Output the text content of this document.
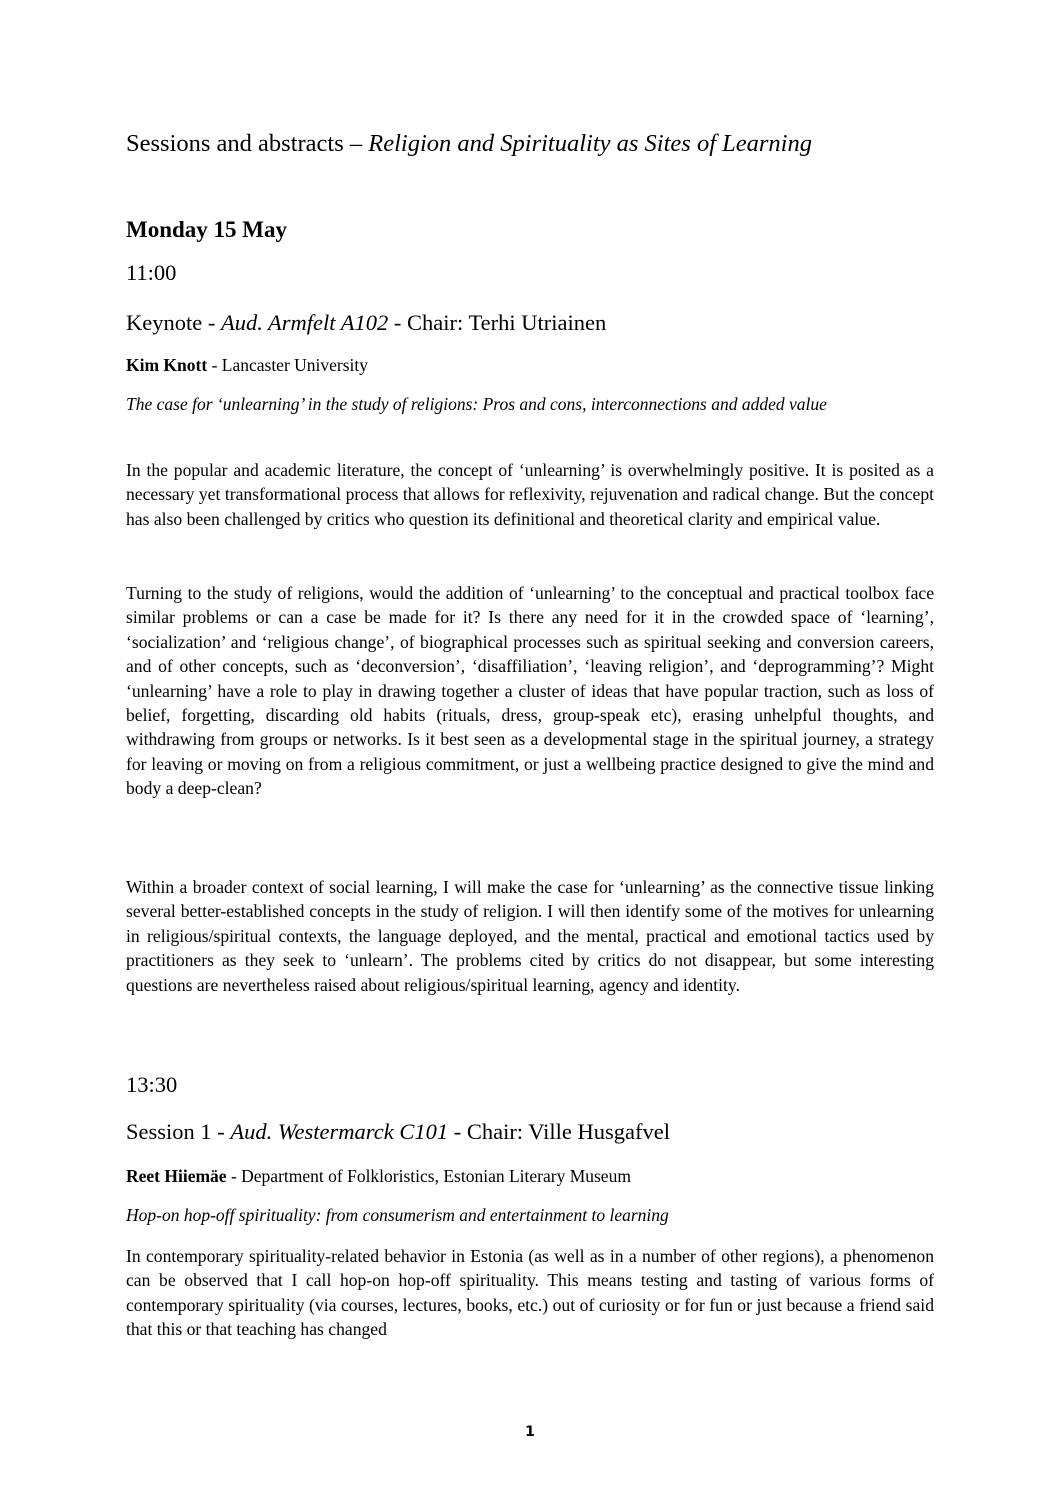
Sessions and abstracts – Religion and Spirituality as Sites of Learning
Monday 15 May

11:00

Keynote - Aud. Armfelt A102 - Chair: Terhi Utriainen

Kim Knott - Lancaster University

The case for ‘unlearning’ in the study of religions: Pros and cons, interconnections and added value

In the popular and academic literature, the concept of ‘unlearning’ is overwhelmingly positive. It is posited as a necessary yet transformational process that allows for reflexivity, rejuvenation and radical change. But the concept has also been challenged by critics who question its definitional and theoretical clarity and empirical value.

Turning to the study of religions, would the addition of ‘unlearning’ to the conceptual and practical toolbox face similar problems or can a case be made for it? Is there any need for it in the crowded space of ‘learning’, ‘socialization’ and ‘religious change’, of biographical processes such as spiritual seeking and conversion careers, and of other concepts, such as ‘deconversion’, ‘disaffiliation’, ‘leaving religion’, and ‘deprogramming’? Might ‘unlearning’ have a role to play in drawing together a cluster of ideas that have popular traction, such as loss of belief, forgetting, discarding old habits (rituals, dress, group-speak etc), erasing unhelpful thoughts, and withdrawing from groups or networks. Is it best seen as a developmental stage in the spiritual journey, a strategy for leaving or moving on from a religious commitment, or just a wellbeing practice designed to give the mind and body a deep-clean?

Within a broader context of social learning, I will make the case for ‘unlearning’ as the connective tissue linking several better-established concepts in the study of religion. I will then identify some of the motives for unlearning in religious/spiritual contexts, the language deployed, and the mental, practical and emotional tactics used by practitioners as they seek to ‘unlearn’. The problems cited by critics do not disappear, but some interesting questions are nevertheless raised about religious/spiritual learning, agency and identity.

13:30

Session 1 - Aud. Westermarck C101 - Chair: Ville Husgafvel

Reet Hiiemäe - Department of Folkloristics, Estonian Literary Museum

Hop-on hop-off spirituality: from consumerism and entertainment to learning

In contemporary spirituality-related behavior in Estonia (as well as in a number of other regions), a phenomenon can be observed that I call hop-on hop-off spirituality. This means testing and tasting of various forms of contemporary spirituality (via courses, lectures, books, etc.) out of curiosity or for fun or just because a friend said that this or that teaching has changed

1
